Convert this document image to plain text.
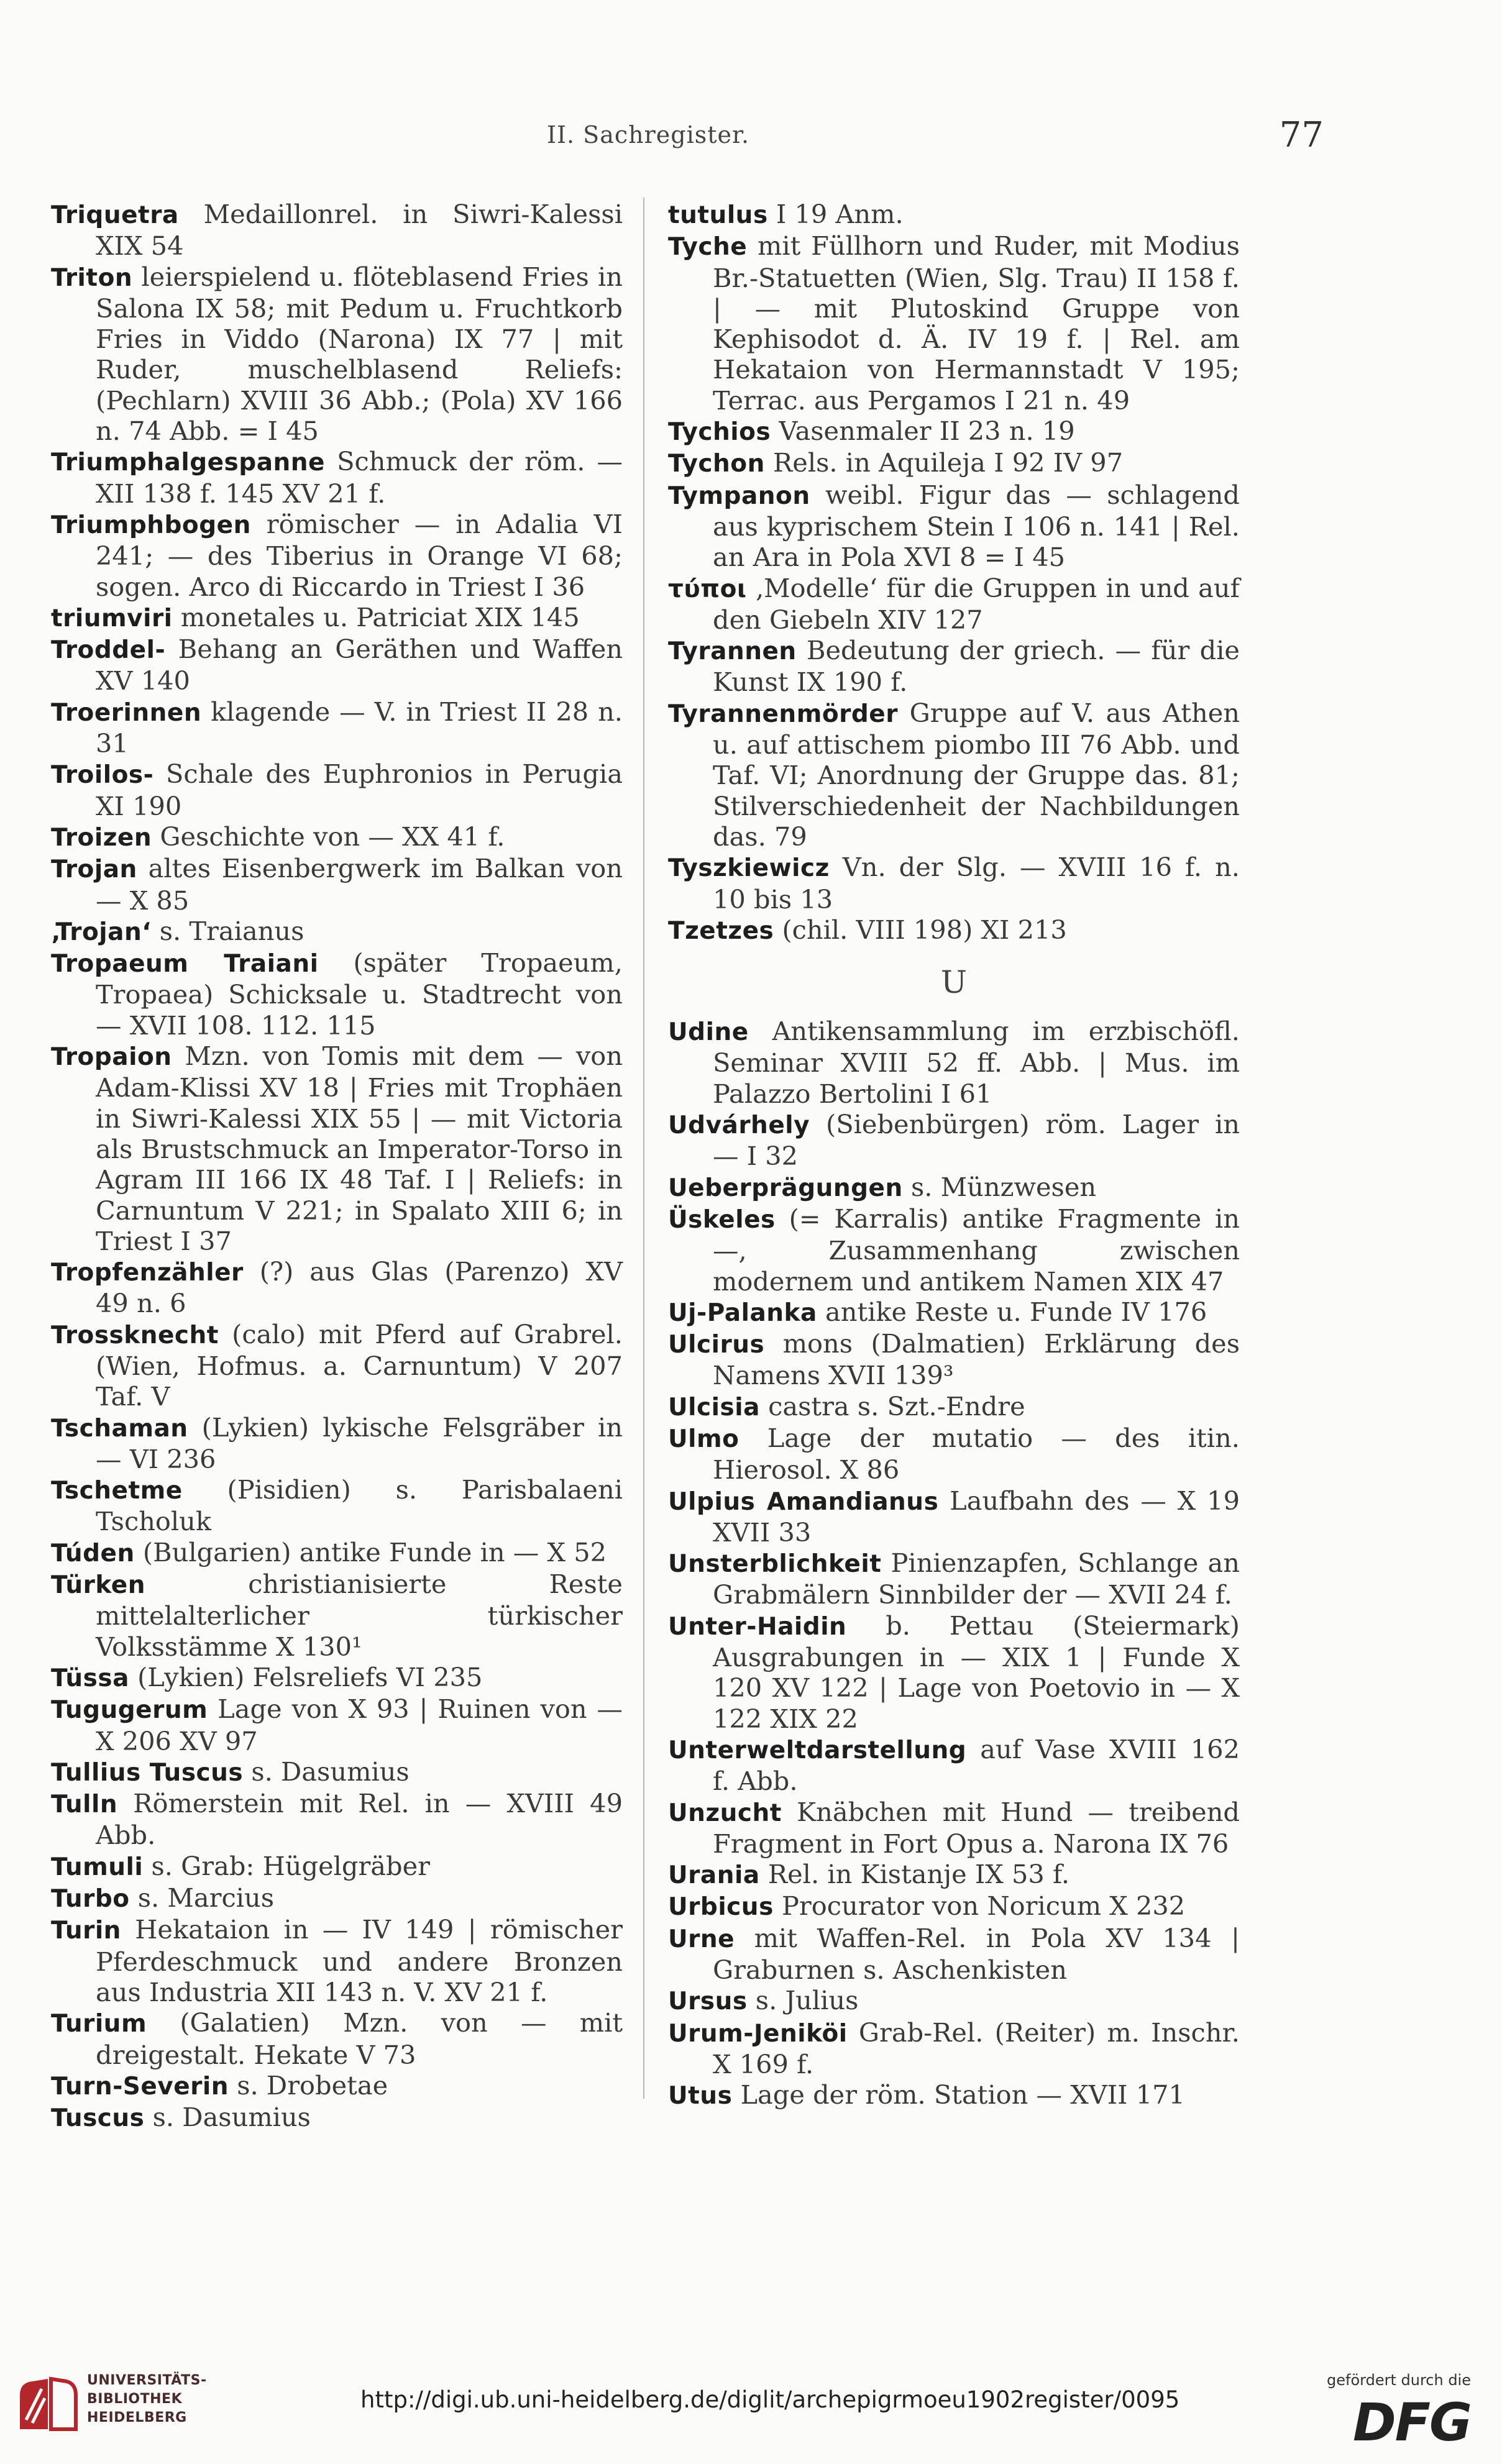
II. Sachregister.	77

Triquetra Medaillonrel. in Siwri-Kalessi XIX 54

Triton leierspielend u. flöteblasend Fries in Salona IX 58; mit Pedum u. Fruchtkorb Fries in Viddo (Narona) IX 77 | mit Ruder, muschelblasend Reliefs: (Pechlarn) XVIII 36 Abb.; (Pola) XV 166 n. 74 Abb. = I 45

Triumphalgespanne Schmuck der röm. — XII 138 f. 145 XV 21 f.

Triumphbogen römischer — in Adalia VI 241; — des Tiberius in Orange VI 68; sogen. Arco di Riccardo in Triest I 36

triumviri monetales u. Patriciat XIX 145

Troddel- Behang an Geräthen und Waffen XV 140

Troerinnen klagende — V. in Triest II 28 n. 31

Troilos- Schale des Euphronios in Perugia XI 190

Troizen Geschichte von — XX 41 f.

Trojan altes Eisenbergwerk im Balkan von — X 85

‚Trojan‘ s. Traianus

Tropaeum Traiani (später Tropaeum, Tropaea) Schicksale u. Stadtrecht von — XVII 108. 112. 115

Tropaion Mzn. von Tomis mit dem — von Adam-Klissi XV 18 | Fries mit Trophäen in Siwri-Kalessi XIX 55 | — mit Victoria als Brustschmuck an Imperator-Torso in Agram III 166 IX 48 Taf. I | Reliefs: in Carnuntum V 221; in Spalato XIII 6; in Triest I 37

Tropfenzähler (?) aus Glas (Parenzo) XV 49 n. 6

Trossknecht (calo) mit Pferd auf Grabrel. (Wien, Hofmus. a. Carnuntum) V 207 Taf. V

Tschaman (Lykien) lykische Felsgräber in — VI 236

Tschetme (Pisidien) s. Parisbalaeni Tscholuk

Túden (Bulgarien) antike Funde in — X 52

Türken	christianisierte Reste mittelalterlicher türkischer Volksstämme X 130¹

Tüssa (Lykien) Felsreliefs VI 235

Tugugerum Lage von X 93 | Ruinen von — X 206 XV 97

Tullius Tuscus s. Dasumius

Tulln Römerstein mit Rel. in — XVIII 49 Abb.

Tumuli s. Grab: Hügelgräber

Turbo s. Marcius

Turin Hekataion in — IV 149 | römischer Pferdeschmuck und andere Bronzen aus Industria XII 143 n. V. XV 21 f.

Turium (Galatien) Mzn. von — mit dreigestalt. Hekate V 73

Turn-Severin s. Drobetae

Tuscus s. Dasumius

tutulus I 19 Anm.

Tyche mit Füllhorn und Ruder, mit Modius Br.-Statuetten (Wien, Slg. Trau) II 158 f. | — mit Plutoskind Gruppe von Kephisodot d. Ä. IV 19 f. | Rel. am Hekataion von Hermannstadt V 195; Terrac. aus Pergamos I 21 n. 49

Tychios Vasenmaler II 23 n. 19

Tychon Rels. in Aquileja I 92 IV 97

Tympanon weibl. Figur das — schlagend aus kyprischem Stein I 106 n. 141 | Rel. an Ara in Pola XVI 8 = I 45

τύποι ‚Modelle‘ für die Gruppen in und auf den Giebeln XIV 127

Tyrannen Bedeutung der griech. — für die Kunst IX 190 f.

Tyrannenmörder Gruppe auf V. aus Athen u. auf attischem piombo III 76 Abb. und Taf. VI; Anordnung der Gruppe das. 81; Stilverschiedenheit der Nachbildungen das. 79

Tyszkiewicz Vn. der Slg. — XVIII 16 f. n. 10 bis 13

Tzetzes (chil. VIII 198) XI 213

U

Udine Antikensammlung im erzbischöfl. Seminar XVIII 52 ff. Abb. | Mus. im Palazzo Bertolini I 61

Udvárhely (Siebenbürgen) röm. Lager in — I 32

Ueberprägungen s. Münzwesen

Üskeles (= Karralis) antike Fragmente in —, Zusammenhang zwischen modernem und antikem Namen XIX 47

Uj-Palanka antike Reste u. Funde IV 176

Ulcirus mons (Dalmatien) Erklärung des Namens XVII 139³

Ulcisia castra s. Szt.-Endre

Ulmo Lage der mutatio — des itin. Hierosol. X 86

Ulpius Amandianus Laufbahn des — X 19 XVII 33

Unsterblichkeit Pinienzapfen, Schlange an Grabmälern Sinnbilder der — XVII 24 f.

Unter-Haidin b. Pettau (Steiermark) Ausgrabungen in — XIX 1 | Funde X 120 XV 122 | Lage von Poetovio in — X 122 XIX 22

Unterweltdarstellung auf Vase XVIII 162 f. Abb.

Unzucht Knäbchen mit Hund — treibend Fragment in Fort Opus a. Narona IX 76

Urania Rel. in Kistanje IX 53 f.

Urbicus Procurator von Noricum X 232

Urne mit Waffen-Rel. in Pola XV 134 | Graburnen s. Aschenkisten

Ursus s. Julius

Urum-Jeniköi Grab-Rel. (Reiter) m. Inschr. X 169 f.

Utus Lage der röm. Station — XVII 171

UNIVERSITÄTS-
BIBLIOTHEK
HEIDELBERG
http://digi.ub.uni-heidelberg.de/diglit/archepigrmoeu1902register/0095
gefördert durch die
DFG
